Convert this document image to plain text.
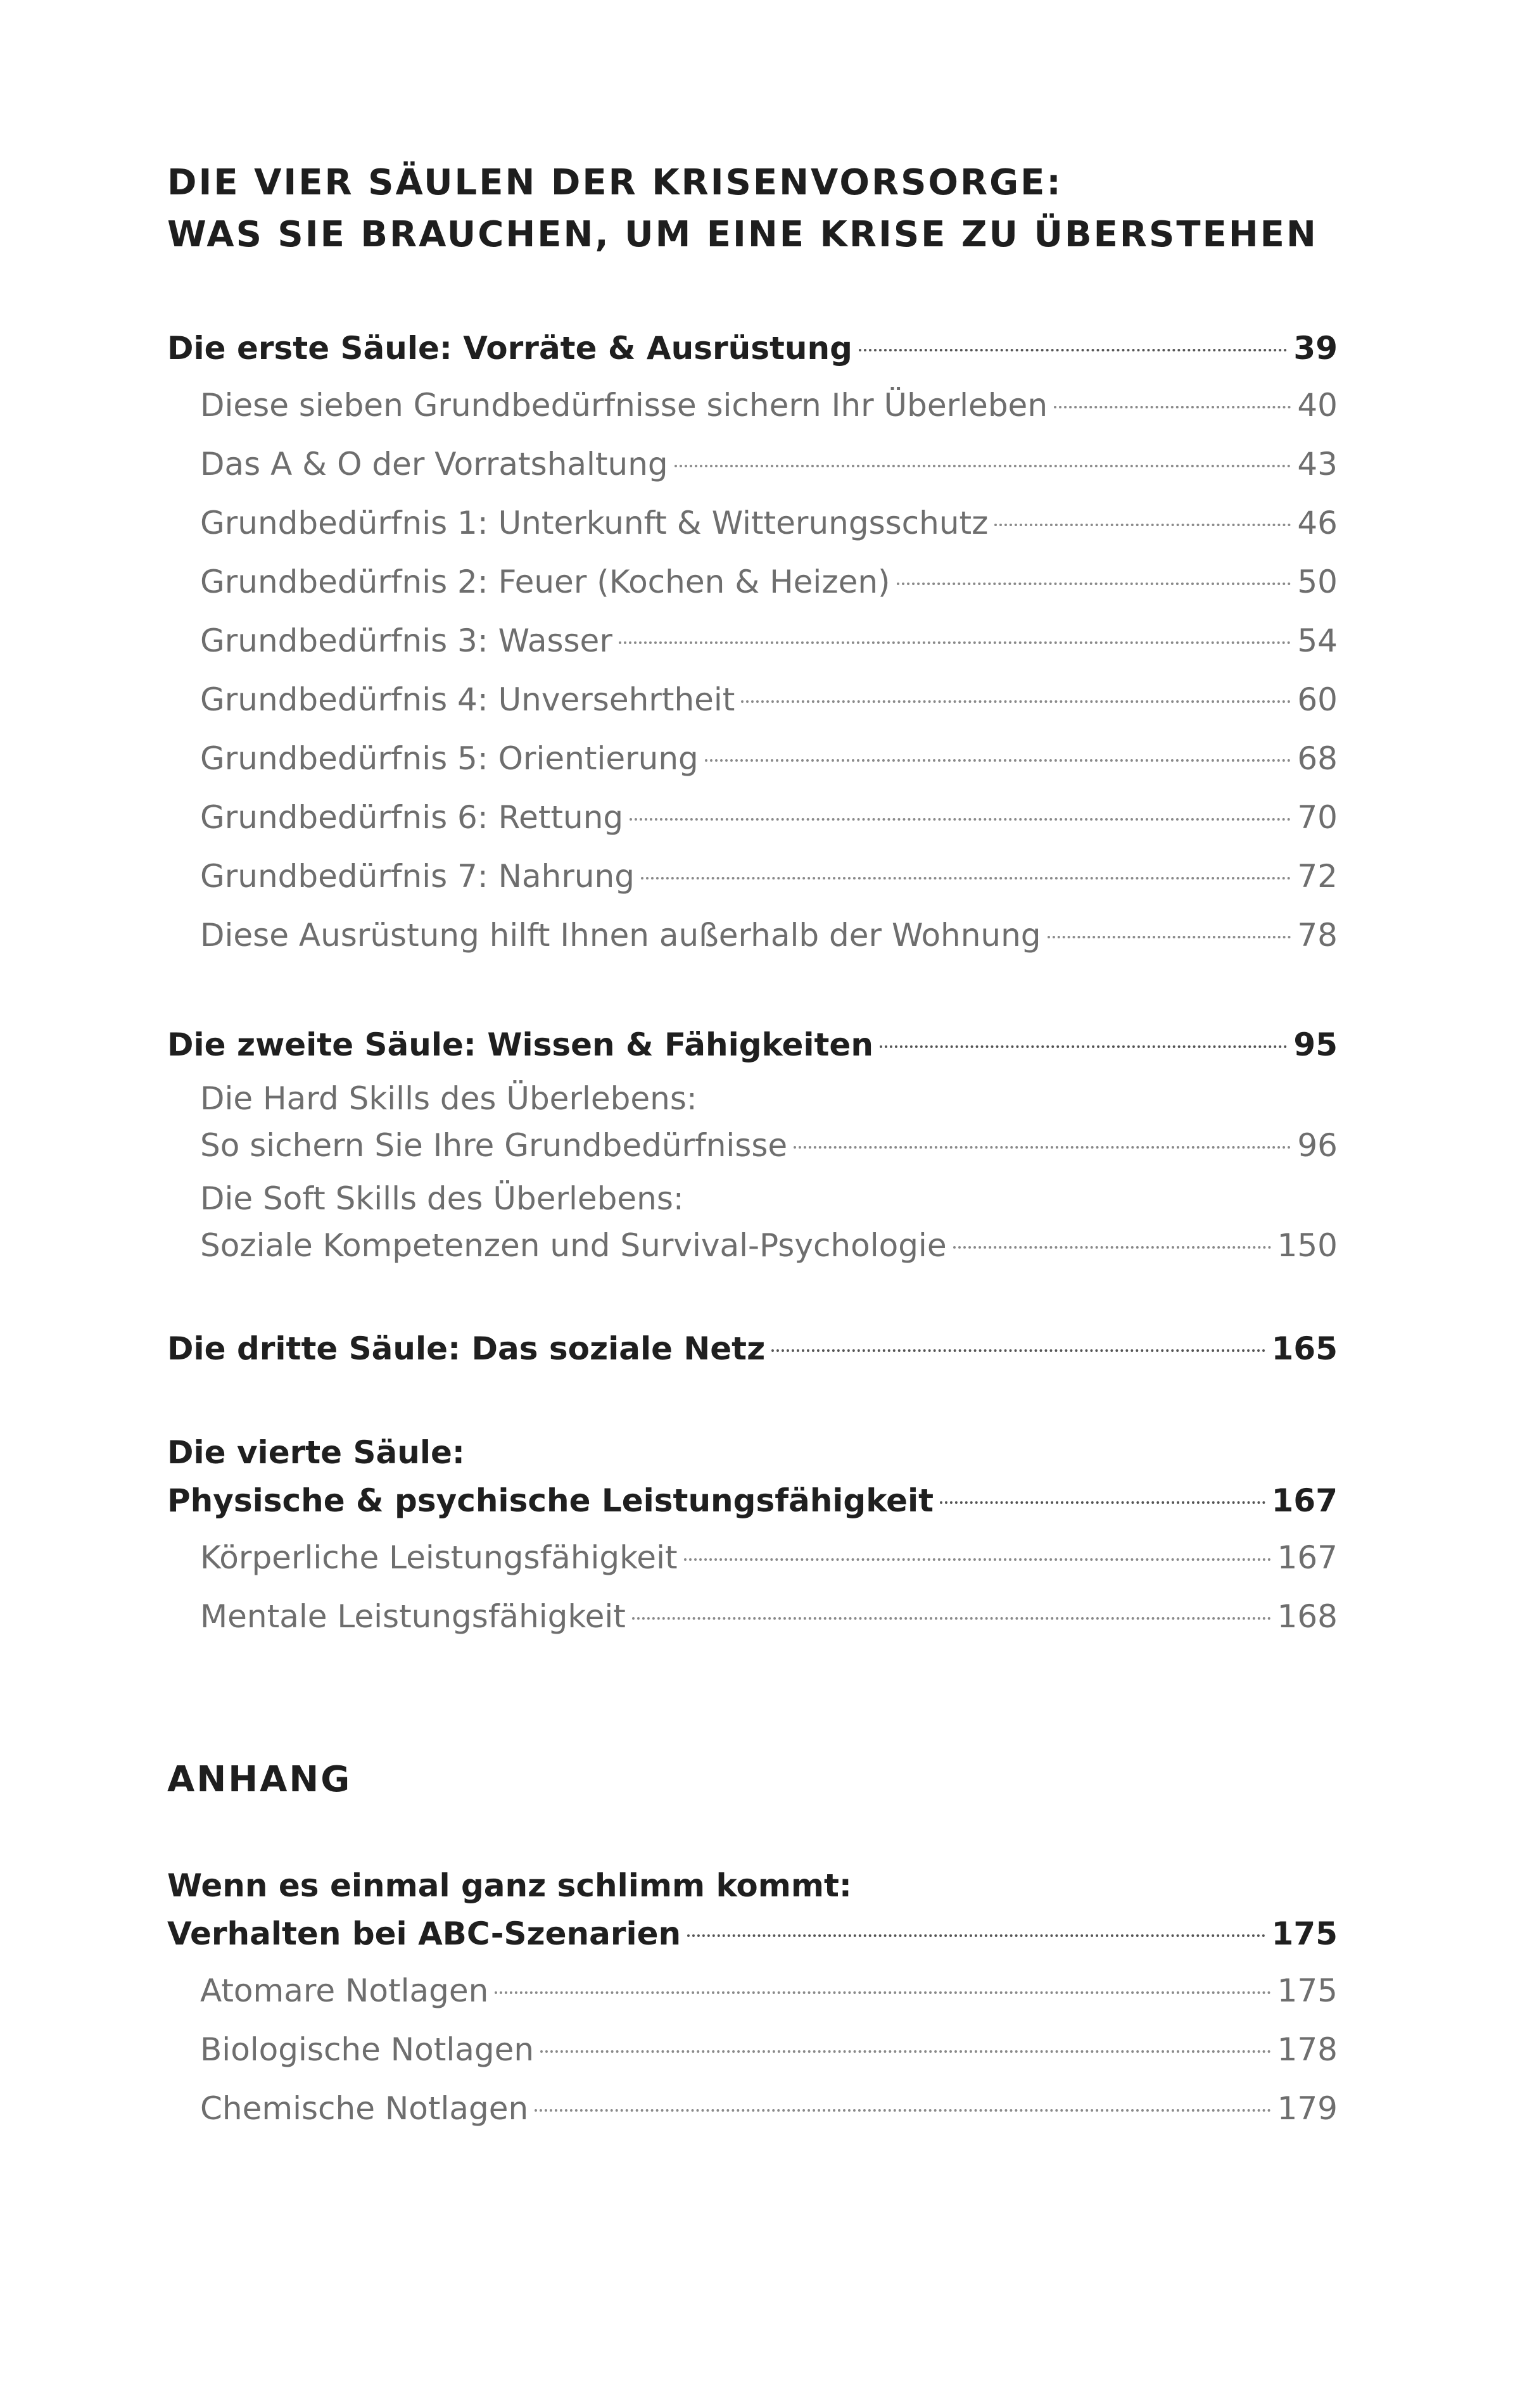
DIE VIER SÄULEN DER KRISENVORSORGE:
WAS SIE BRAUCHEN, UM EINE KRISE ZU ÜBERSTEHEN
Die erste Säule: Vorräte & Ausrüstung	39
Diese sieben Grundbedürfnisse sichern Ihr Überleben	40
Das A & O der Vorratshaltung	43
Grundbedürfnis 1: Unterkunft & Witterungsschutz	46
Grundbedürfnis 2: Feuer (Kochen & Heizen)	50
Grundbedürfnis 3: Wasser	54
Grundbedürfnis 4: Unversehrtheit	60
Grundbedürfnis 5: Orientierung	68
Grundbedürfnis 6: Rettung	70
Grundbedürfnis 7: Nahrung	72
Diese Ausrüstung hilft Ihnen außerhalb der Wohnung	78
Die zweite Säule: Wissen & Fähigkeiten	95
Die Hard Skills des Überlebens:
So sichern Sie Ihre Grundbedürfnisse	96
Die Soft Skills des Überlebens:
Soziale Kompetenzen und Survival-Psychologie	150
Die dritte Säule: Das soziale Netz	165
Die vierte Säule:
Physische & psychische Leistungsfähigkeit	167
Körperliche Leistungsfähigkeit	167
Mentale Leistungsfähigkeit	168
ANHANG
Wenn es einmal ganz schlimm kommt:
Verhalten bei ABC-Szenarien	175
Atomare Notlagen	175
Biologische Notlagen	178
Chemische Notlagen	179
